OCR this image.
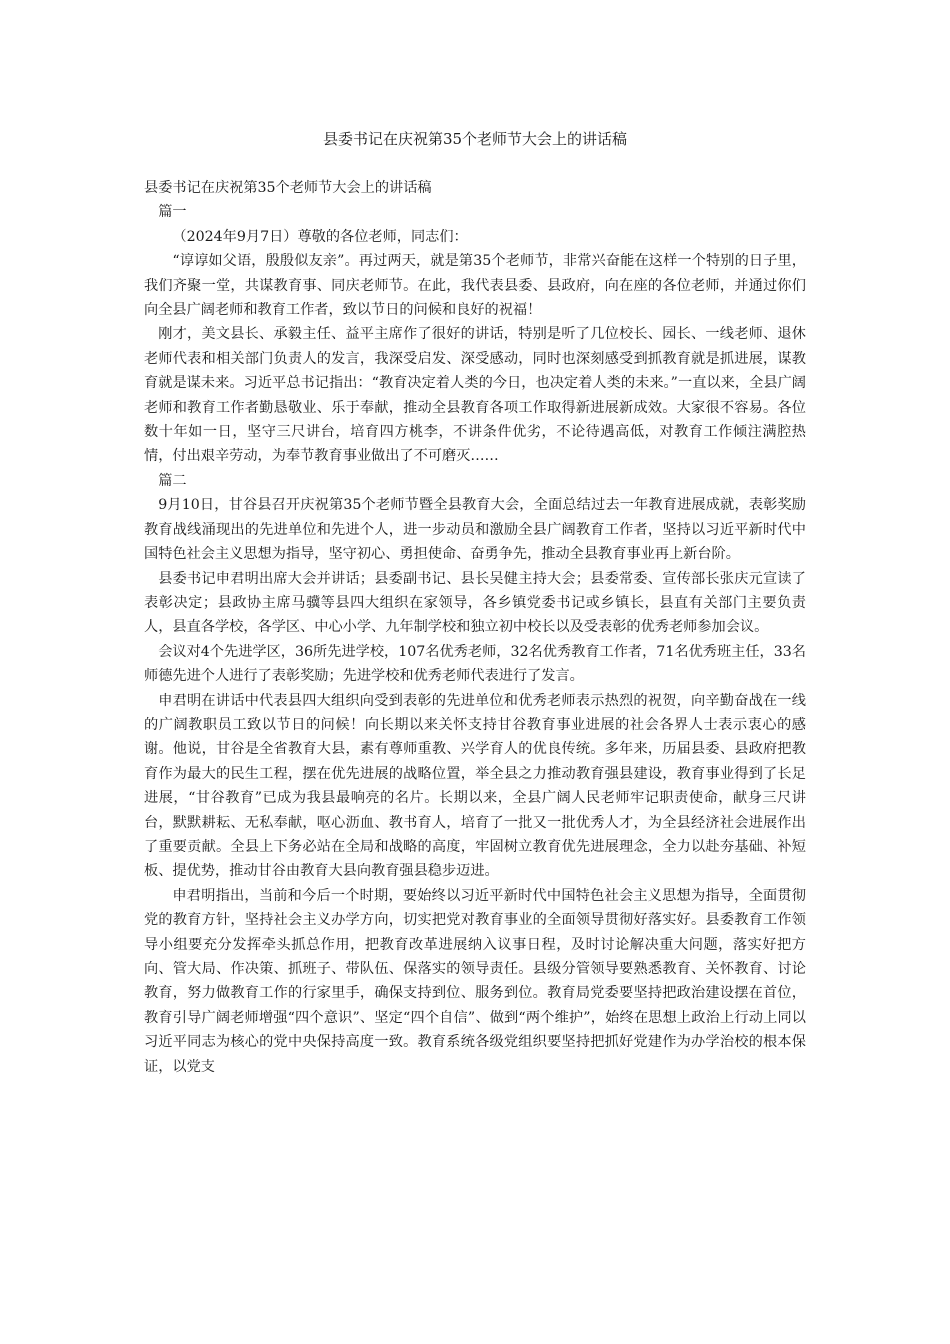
县委书记在庆祝第35个老师节大会上的讲话稿

县委书记在庆祝第35个老师节大会上的讲话稿

篇一

（2024年9月7日）尊敬的各位老师，同志们：

“谆谆如父语，殷殷似友亲”。再过两天，就是第35个老师节，非常兴奋能在这样一个特别的日子里，我们齐聚一堂，共谋教育事、同庆老师节。在此，我代表县委、县政府，向在座的各位老师，并通过你们向全县广阔老师和教育工作者，致以节日的问候和良好的祝福！

刚才，美文县长、承毅主任、益平主席作了很好的讲话，特别是听了几位校长、园长、一线老师、退休老师代表和相关部门负责人的发言，我深受启发、深受感动，同时也深刻感受到抓教育就是抓进展，谋教育就是谋未来。习近平总书记指出：“教育决定着人类的今日，也决定着人类的未来。”一直以来，全县广阔老师和教育工作者勤恳敬业、乐于奉献，推动全县教育各项工作取得新进展新成效。大家很不容易。各位数十年如一日，坚守三尺讲台，培育四方桃李，不讲条件优劣，不论待遇高低，对教育工作倾注满腔热情，付出艰辛劳动，为奉节教育事业做出了不可磨灭……

篇二

9月10日，甘谷县召开庆祝第35个老师节暨全县教育大会，全面总结过去一年教育进展成就，表彰奖励教育战线涌现出的先进单位和先进个人，进一步动员和激励全县广阔教育工作者，坚持以习近平新时代中国特色社会主义思想为指导，坚守初心、勇担使命、奋勇争先，推动全县教育事业再上新台阶。

县委书记申君明出席大会并讲话；县委副书记、县长吴健主持大会；县委常委、宣传部长张庆元宣读了表彰决定；县政协主席马骥等县四大组织在家领导，各乡镇党委书记或乡镇长，县直有关部门主要负责人，县直各学校，各学区、中心小学、九年制学校和独立初中校长以及受表彰的优秀老师参加会议。

会议对4个先进学区，36所先进学校，107名优秀老师，32名优秀教育工作者，71名优秀班主任，33名师德先进个人进行了表彰奖励；先进学校和优秀老师代表进行了发言。

申君明在讲话中代表县四大组织向受到表彰的先进单位和优秀老师表示热烈的祝贺，向辛勤奋战在一线的广阔教职员工致以节日的问候！向长期以来关怀支持甘谷教育事业进展的社会各界人士表示衷心的感谢。他说，甘谷是全省教育大县，素有尊师重教、兴学育人的优良传统。多年来，历届县委、县政府把教育作为最大的民生工程，摆在优先进展的战略位置，举全县之力推动教育强县建设，教育事业得到了长足进展，“甘谷教育”已成为我县最响亮的名片。长期以来，全县广阔人民老师牢记职责使命，献身三尺讲台，默默耕耘、无私奉献，呕心沥血、教书育人，培育了一批又一批优秀人才，为全县经济社会进展作出了重要贡献。全县上下务必站在全局和战略的高度，牢固树立教育优先进展理念，全力以赴夯基础、补短板、提优势，推动甘谷由教育大县向教育强县稳步迈进。

申君明指出，当前和今后一个时期，要始终以习近平新时代中国特色社会主义思想为指导，全面贯彻党的教育方针，坚持社会主义办学方向，切实把党对教育事业的全面领导贯彻好落实好。县委教育工作领导小组要充分发挥牵头抓总作用，把教育改革进展纳入议事日程，及时讨论解决重大问题，落实好把方向、管大局、作决策、抓班子、带队伍、保落实的领导责任。县级分管领导要熟悉教育、关怀教育、讨论教育，努力做教育工作的行家里手，确保支持到位、服务到位。教育局党委要坚持把政治建设摆在首位，教育引导广阔老师增强“四个意识”、坚定“四个自信”、做到“两个维护”，始终在思想上政治上行动上同以习近平同志为核心的党中央保持高度一致。教育系统各级党组织要坚持把抓好党建作为办学治校的根本保证，以党支
